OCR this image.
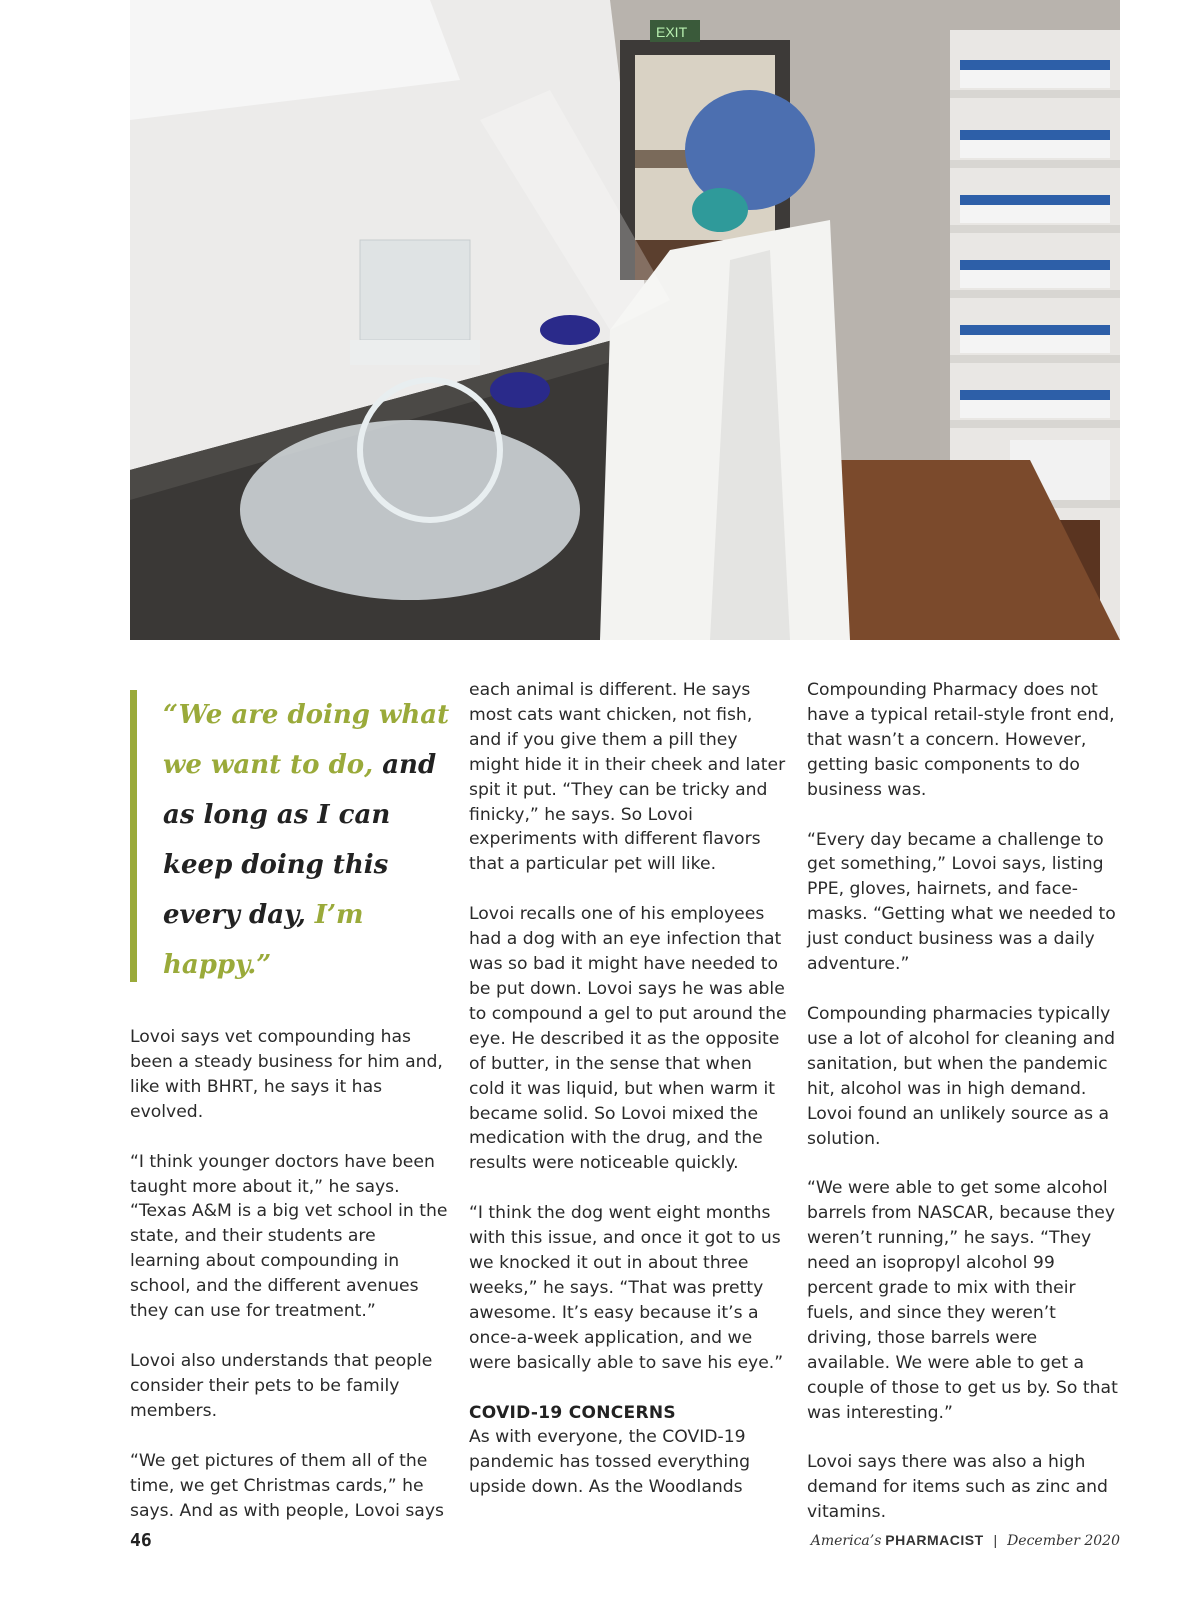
EXIT
“We are doing what we want to do, and as long as I can keep doing this every day, I’m happy.”

Lovoi says vet compounding has been a steady business for him and, like with BHRT, he says it has evolved.

“I think younger doctors have been taught more about it,” he says. “Texas A&M is a big vet school in the state, and their students are learning about compounding in school, and the different avenues they can use for treatment.”

Lovoi also understands that people consider their pets to be family members.

“We get pictures of them all of the time, we get Christmas cards,” he says. And as with people, Lovoi says

each animal is different. He says most cats want chicken, not fish, and if you give them a pill they might hide it in their cheek and later spit it put. “They can be tricky and finicky,” he says. So Lovoi experiments with different flavors that a particular pet will like.

Lovoi recalls one of his employees had a dog with an eye infection that was so bad it might have needed to be put down. Lovoi says he was able to compound a gel to put around the eye. He described it as the opposite of butter, in the sense that when cold it was liquid, but when warm it became solid. So Lovoi mixed the medication with the drug, and the results were noticeable quickly.

“I think the dog went eight months with this issue, and once it got to us we knocked it out in about three weeks,” he says. “That was pretty awesome. It’s easy because it’s a once-a-week application, and we were basically able to save his eye.”

COVID-19 CONCERNS

As with everyone, the COVID-19 pandemic has tossed everything upside down. As the Woodlands

Compounding Pharmacy does not have a typical retail-style front end, that wasn’t a concern. However, getting basic components to do business was.

“Every day became a challenge to get something,” Lovoi says, listing PPE, gloves, hairnets, and face-masks. “Getting what we needed to just conduct business was a daily adventure.”

Compounding pharmacies typically use a lot of alcohol for cleaning and sanitation, but when the pandemic hit, alcohol was in high demand. Lovoi found an unlikely source as a solution.

“We were able to get some alcohol barrels from NASCAR, because they weren’t running,” he says. “They need an isopropyl alcohol 99 percent grade to mix with their fuels, and since they weren’t driving, those barrels were available. We were able to get a couple of those to get us by. So that was interesting.”

Lovoi says there was also a high demand for items such as zinc and vitamins.

46	America’s PHARMACIST | December 2020
